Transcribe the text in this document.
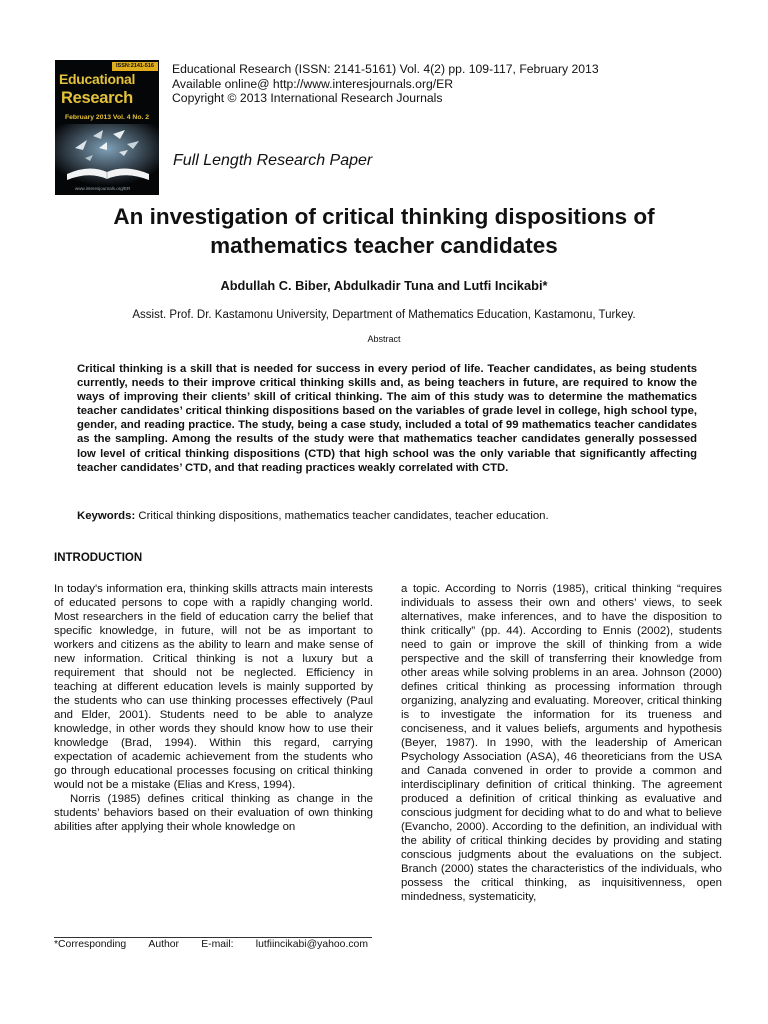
ISSN:2141-516
Educational
Research
February 2013 Vol. 4 No. 2
www.interesjournals.org/ER
Educational Research (ISSN: 2141-5161) Vol. 4(2) pp. 109-117, February 2013
Available online@ http://www.interesjournals.org/ER
Copyright © 2013 International Research Journals
Full Length Research Paper
An investigation of critical thinking dispositions of
mathematics teacher candidates
Abdullah C. Biber, Abdulkadir Tuna and Lutfi Incikabi*
Assist. Prof. Dr. Kastamonu University, Department of Mathematics Education, Kastamonu, Turkey.
Abstract

Critical thinking is a skill that is needed for success in every period of life. Teacher candidates, as being students currently, needs to their improve critical thinking skills and, as being teachers in future, are required to know the ways of improving their clients’ skill of critical thinking. The aim of this study was to determine the mathematics teacher candidates’ critical thinking dispositions based on the variables of grade level in college, high school type, gender, and reading practice. The study, being a case study, included a total of 99 mathematics teacher candidates as the sampling. Among the results of the study were that mathematics teacher candidates generally possessed low level of critical thinking dispositions (CTD) that high school was the only variable that significantly affecting teacher candidates’ CTD, and that reading practices weakly correlated with CTD.

Keywords: Critical thinking dispositions, mathematics teacher candidates, teacher education.

INTRODUCTION

In today's information era, thinking skills attracts main interests of educated persons to cope with a rapidly changing world. Most researchers in the field of education carry the belief that specific knowledge, in future, will not be as important to workers and citizens as the ability to learn and make sense of new information. Critical thinking is not a luxury but a requirement that should not be neglected. Efficiency in teaching at different education levels is mainly supported by the students who can use thinking processes effectively (Paul and Elder, 2001). Students need to be able to analyze knowledge, in other words they should know how to use their knowledge (Brad, 1994). Within this regard, carrying expectation of academic achievement from the students who go through educational processes focusing on critical thinking would not be a mistake (Elias and Kress, 1994).

Norris (1985) defines critical thinking as change in the students’ behaviors based on their evaluation of own thinking abilities after applying their whole knowledge on

a topic. According to Norris (1985), critical thinking “requires individuals to assess their own and others’ views, to seek alternatives, make inferences, and to have the disposition to think critically” (pp. 44). According to Ennis (2002), students need to gain or improve the skill of thinking from a wide perspective and the skill of transferring their knowledge from other areas while solving problems in an area. Johnson (2000) defines critical thinking as processing information through organizing, analyzing and evaluating. Moreover, critical thinking is to investigate the information for its trueness and conciseness, and it values beliefs, arguments and hypothesis (Beyer, 1987). In 1990, with the leadership of American Psychology Association (ASA), 46 theoreticians from the USA and Canada convened in order to provide a common and interdisciplinary definition of critical thinking. The agreement produced a definition of critical thinking as evaluative and conscious judgment for deciding what to do and what to believe (Evancho, 2000). According to the definition, an individual with the ability of critical thinking decides by providing and stating conscious judgments about the evaluations on the subject. Branch (2000) states the characteristics of the individuals, who possess the critical thinking, as inquisitivenness, open mindedness, systematicity,

*Corresponding Author E-mail: lutfiincikabi@yahoo.com
